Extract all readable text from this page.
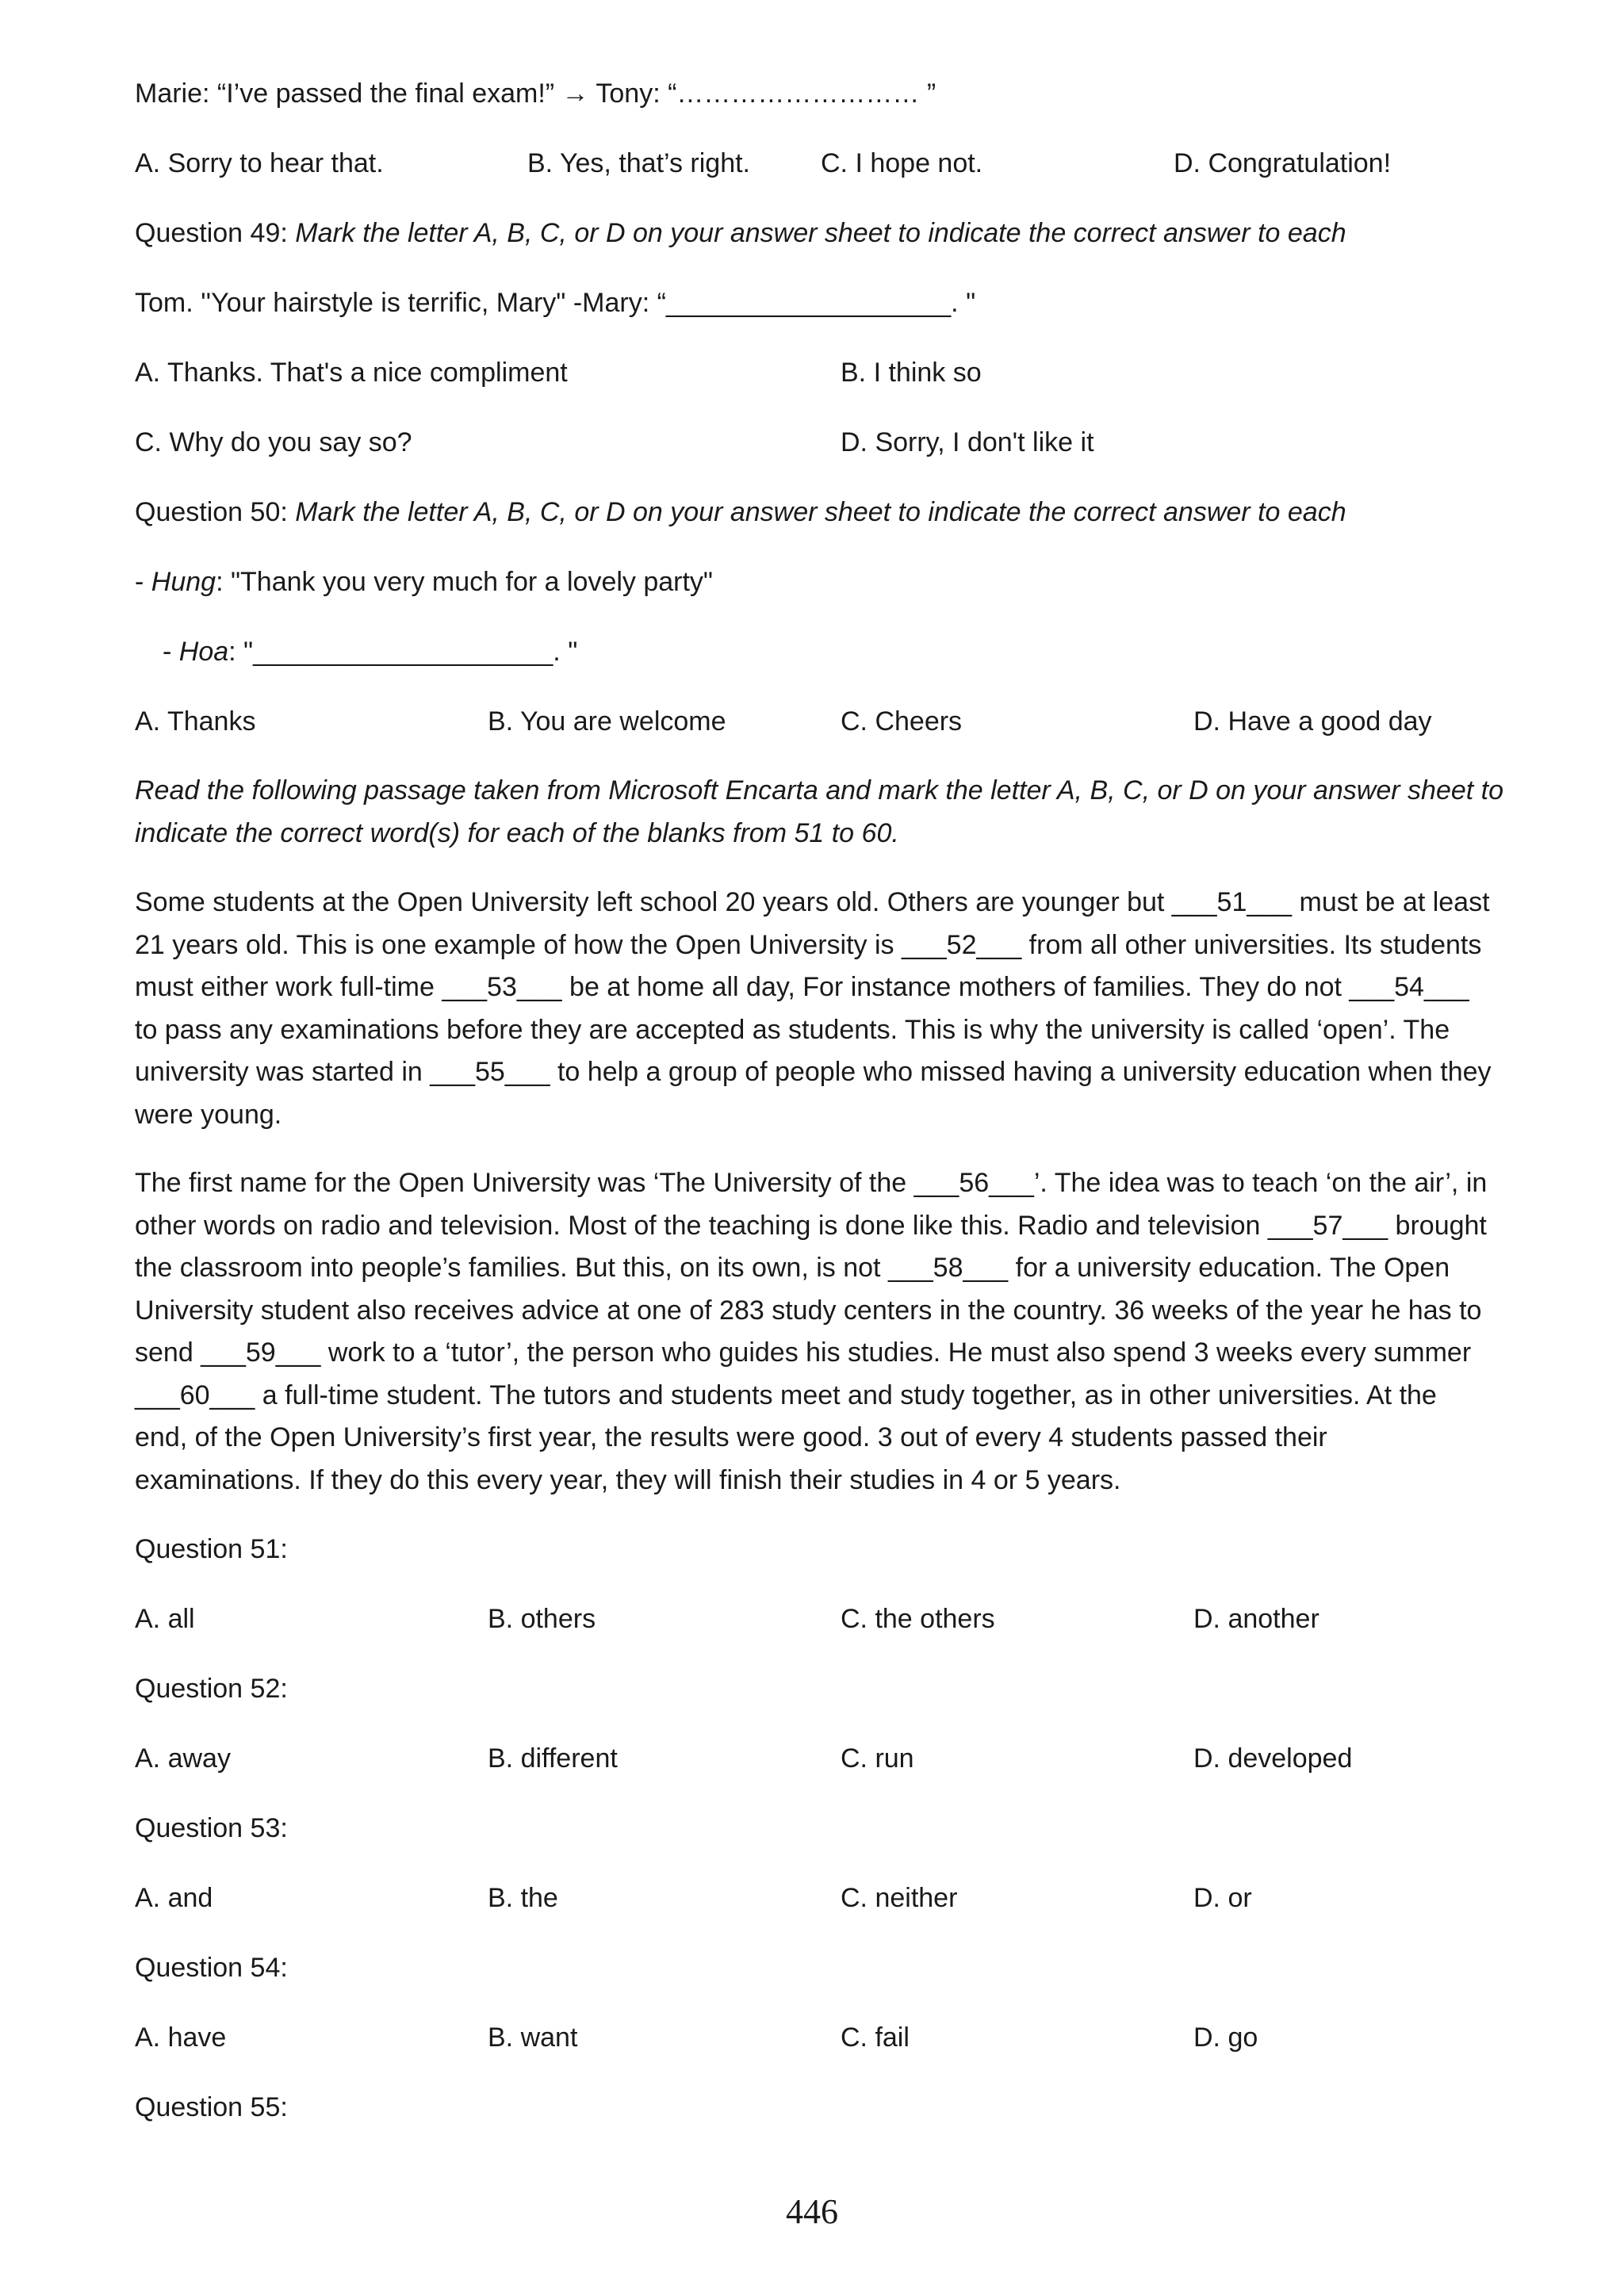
Marie: “I’ve passed the final exam!” → Tony: “……………………… ”
A. Sorry to hear that.	B. Yes, that’s right.	C. I hope not.	D. Congratulation!
Question 49: Mark the letter A, B, C, or D on your answer sheet to indicate the correct answer to each
Tom. ''Your hairstyle is terrific, Mary" -Mary: “___________________. "
A. Thanks. That's a nice compliment	B. I think so
C. Why do you say so?	D. Sorry, I don't like it
Question 50: Mark the letter A, B, C, or D on your answer sheet to indicate the correct answer to each
- Hung: "Thank you very much for a lovely party"
- Hoa: "____________________. "
A. Thanks	B. You are welcome	C. Cheers	D. Have a good day
Read the following passage taken from Microsoft Encarta and mark the letter A, B, C, or D on your answer sheet to
indicate the correct word(s) for each of the blanks from 51 to 60.
Some students at the Open University left school 20 years old. Others are younger but ___51___ must be at least
21 years old. This is one example of how the Open University is ___52___ from all other universities. Its students
must either work full-time ___53___ be at home all day, For instance mothers of families. They do not ___54___
to pass any examinations before they are accepted as students. This is why the university is called ‘open’. The
university was started in ___55___ to help a group of people who missed having a university education when they
were young.
The first name for the Open University was ‘The University of the ___56___’. The idea was to teach ‘on the air’, in
other words on radio and television. Most of the teaching is done like this. Radio and television ___57___ brought
the classroom into people’s families. But this, on its own, is not ___58___ for a university education. The Open
University student also receives advice at one of 283 study centers in the country. 36 weeks of the year he has to
send ___59___ work to a ‘tutor’, the person who guides his studies. He must also spend 3 weeks every summer
___60___ a full-time student. The tutors and students meet and study together, as in other universities. At the
end, of the Open University’s first year, the results were good. 3 out of every 4 students passed their
examinations. If they do this every year, they will finish their studies in 4 or 5 years.
Question 51:
A. all	B. others	C. the others	D. another
Question 52:
A. away	B. different	C. run	D. developed
Question 53:
A. and	B. the	C. neither	D. or
Question 54:
A. have	B. want	C. fail	D. go
Question 55:
446
